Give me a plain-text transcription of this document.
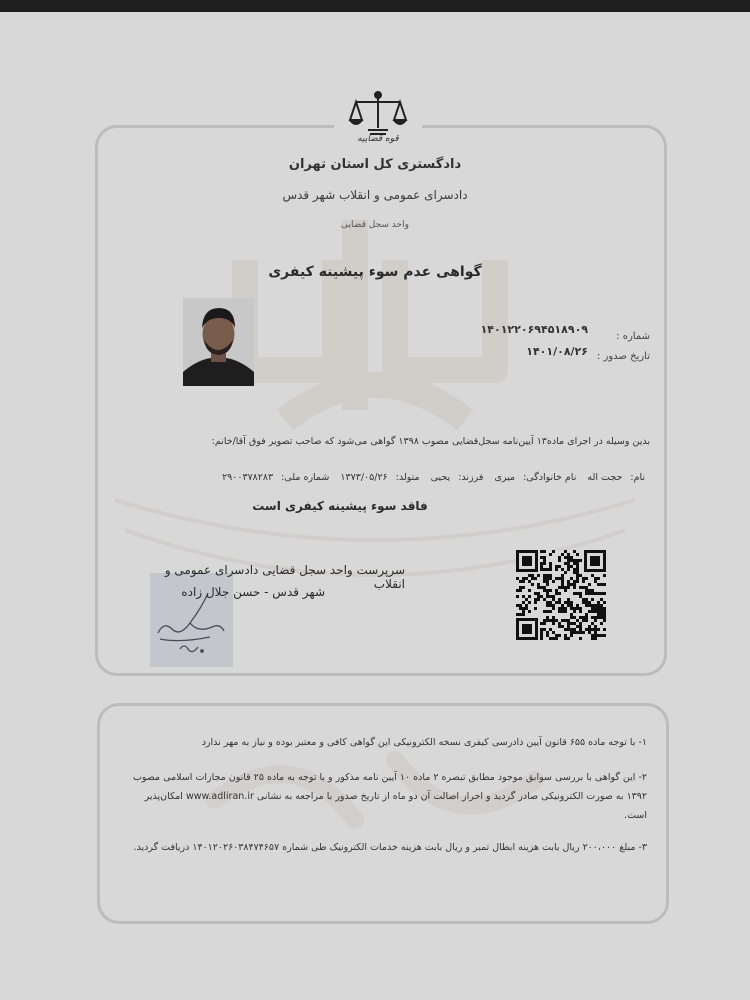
قوه قضاییه
دادگستری کل استان تهران
دادسرای عمومی و انقلاب شهر قدس
واحد سجل قضایی
گواهی عدم سوء پیشینه کیفری
شماره :
۱۴۰۱۲۲۰۶۹۴۵۱۸۹۰۹
تاریخ صدور :
۱۴۰۱/۰۸/۲۶
بدین وسیله در اجرای ماده۱۳ آیین‌نامه سجل‌قضایی مصوب ۱۳۹۸ گواهی می‌شود که صاحب تصویر فوق آقا/خانم:
نام:حجت اله نام خانوادگی:میری فرزند:یحیی متولد:۱۳۷۳/۰۵/۲۶ شماره ملی:۲۹۰۰۳۷۸۲۸۳
فاقد سوء پیشینه کیفری است
سرپرست واحد سجل قضایی دادسرای عمومی و انقلاب
شهر قدس - حسن جلال زاده
۱- با توجه ماده ۶۵۵ قانون آیین دادرسی کیفری نسخه الکترونیکی این گواهی کافی و معتبر بوده و نیاز به مهر ندارد
۲- این گواهی با بررسی سوابق موجود مطابق تبصره ۲ ماده ۱۰ آیین نامه مذکور و با توجه به ماده ۲۵ قانون مجازات اسلامی مصوب ۱۳۹۲ به صورت الکترونیکی صادر گردید و احراز اصالت آن دو ماه از تاریخ صدور با مراجعه به نشانی www.adliran.ir امکان‌پذیر است.
۳- مبلغ ۲۰۰،۰۰۰ ریال بابت هزینه ابطال تمبر و ریال بابت هزینه خدمات الکترونیک طی شماره ۱۴۰۱۲۰۲۶۰۳۸۴۷۴۶۵۷ دریافت گردید.
